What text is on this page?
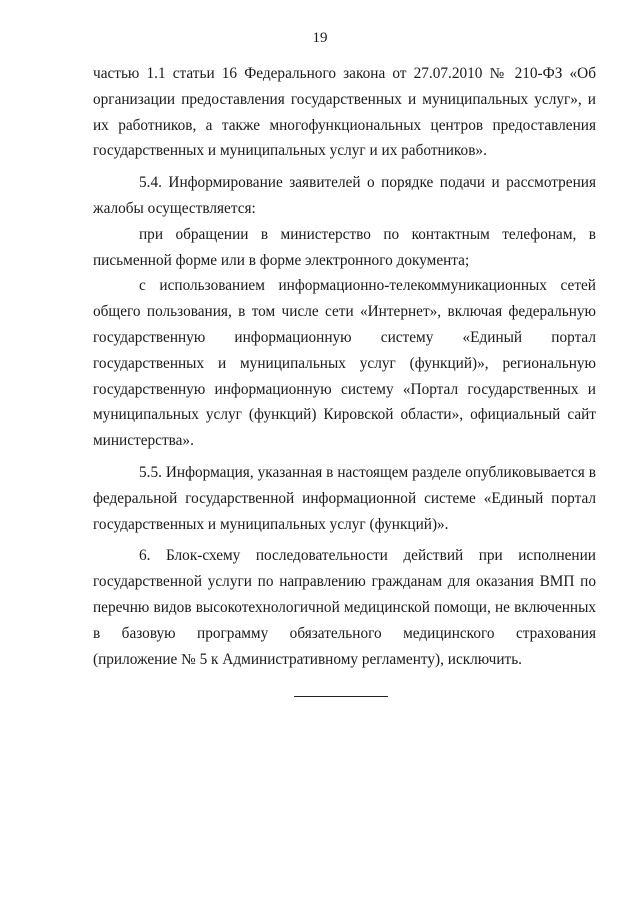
19

частью 1.1 статьи 16 Федерального закона от 27.07.2010 № 210-ФЗ «Об организации предоставления государственных и муниципальных услуг», и их работников, а также многофункциональных центров предоставления государственных и муниципальных услуг и их работников».

5.4. Информирование заявителей о порядке подачи и рассмотрения жалобы осуществляется:

при обращении в министерство по контактным телефонам, в письменной форме или в форме электронного документа;

с использованием информационно-телекоммуникационных сетей общего пользования, в том числе сети «Интернет», включая федеральную государственную информационную систему «Единый портал государственных и муниципальных услуг (функций)», региональную государственную информационную систему «Портал государственных и муниципальных услуг (функций) Кировской области», официальный сайт министерства».

5.5. Информация, указанная в настоящем разделе опубликовывается в федеральной государственной информационной системе «Единый портал государственных и муниципальных услуг (функций)».

6. Блок-схему последовательности действий при исполнении государственной услуги по направлению гражданам для оказания ВМП по перечню видов высокотехнологичной медицинской помощи, не включенных в базовую программу обязательного медицинского страхования (приложение № 5 к Административному регламенту), исключить.
